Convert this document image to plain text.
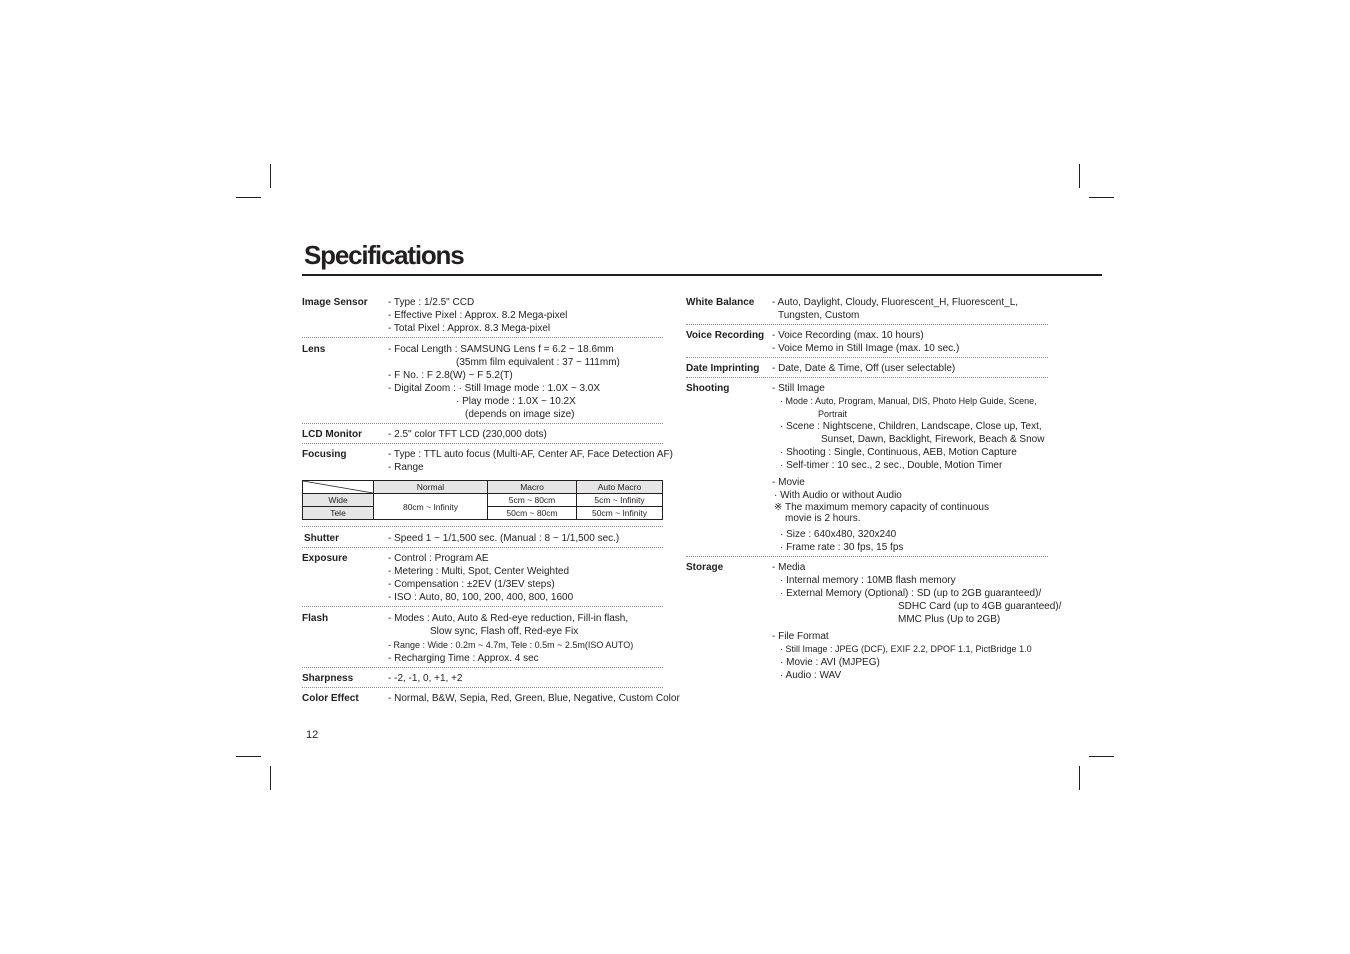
Specifications
Image Sensor	- Type : 1/2.5" CCD
- Effective Pixel : Approx. 8.2 Mega-pixel
- Total Pixel : Approx. 8.3 Mega-pixel
Lens	- Focal Length : SAMSUNG Lens f = 6.2 ~ 18.6mm
(35mm film equivalent : 37 ~ 111mm)
- F No. : F 2.8(W) ~ F 5.2(T)
- Digital Zoom : · Still Image mode : 1.0X ~ 3.0X
· Play mode : 1.0X ~ 10.2X
(depends on image size)
LCD Monitor	- 2.5" color TFT LCD (230,000 dots)
Focusing	- Type : TTL auto focus (Multi-AF, Center AF, Face Detection AF)
- Range
	Normal	Macro	Auto Macro
Wide	80cm ~ Infinity	5cm ~ 80cm	5cm ~ Infinity
Tele		50cm ~ 80cm	50cm ~ Infinity
Shutter	- Speed 1 ~ 1/1,500 sec. (Manual : 8 ~ 1/1,500 sec.)
Exposure	- Control : Program AE
- Metering : Multi, Spot, Center Weighted
- Compensation : ±2EV (1/3EV steps)
- ISO : Auto, 80, 100, 200, 400, 800, 1600
Flash	- Modes : Auto, Auto & Red-eye reduction, Fill-in flash,
Slow sync, Flash off, Red-eye Fix
- Range : Wide : 0.2m ~ 4.7m, Tele : 0.5m ~ 2.5m(ISO AUTO)
- Recharging Time : Approx. 4 sec
Sharpness	- -2, -1, 0, +1, +2
Color Effect	- Normal, B&W, Sepia, Red, Green, Blue, Negative, Custom Color
White Balance	- Auto, Daylight, Cloudy, Fluorescent_H, Fluorescent_L,
Tungsten, Custom
Voice Recording - Voice Recording (max. 10 hours)
- Voice Memo in Still Image (max. 10 sec.)
Date Imprinting	- Date, Date & Time, Off (user selectable)
Shooting	- Still Image
· Mode : Auto, Program, Manual, DIS, Photo Help Guide, Scene,
Portrait
· Scene : Nightscene, Children, Landscape, Close up, Text,
Sunset, Dawn, Backlight, Firework, Beach & Snow
· Shooting : Single, Continuous, AEB, Motion Capture
· Self-timer : 10 sec., 2 sec., Double, Motion Timer
- Movie
· With Audio or without Audio
※ The maximum memory capacity of continuous
movie is 2 hours.
· Size : 640x480, 320x240
· Frame rate : 30 fps, 15 fps
Storage	- Media
· Internal memory : 10MB flash memory
· External Memory (Optional) : SD (up to 2GB guaranteed)/
SDHC Card (up to 4GB guaranteed)/
MMC Plus (Up to 2GB)
- File Format
· Still Image : JPEG (DCF), EXIF 2.2, DPOF 1.1, PictBridge 1.0
· Movie : AVI (MJPEG)
· Audio : WAV
12
